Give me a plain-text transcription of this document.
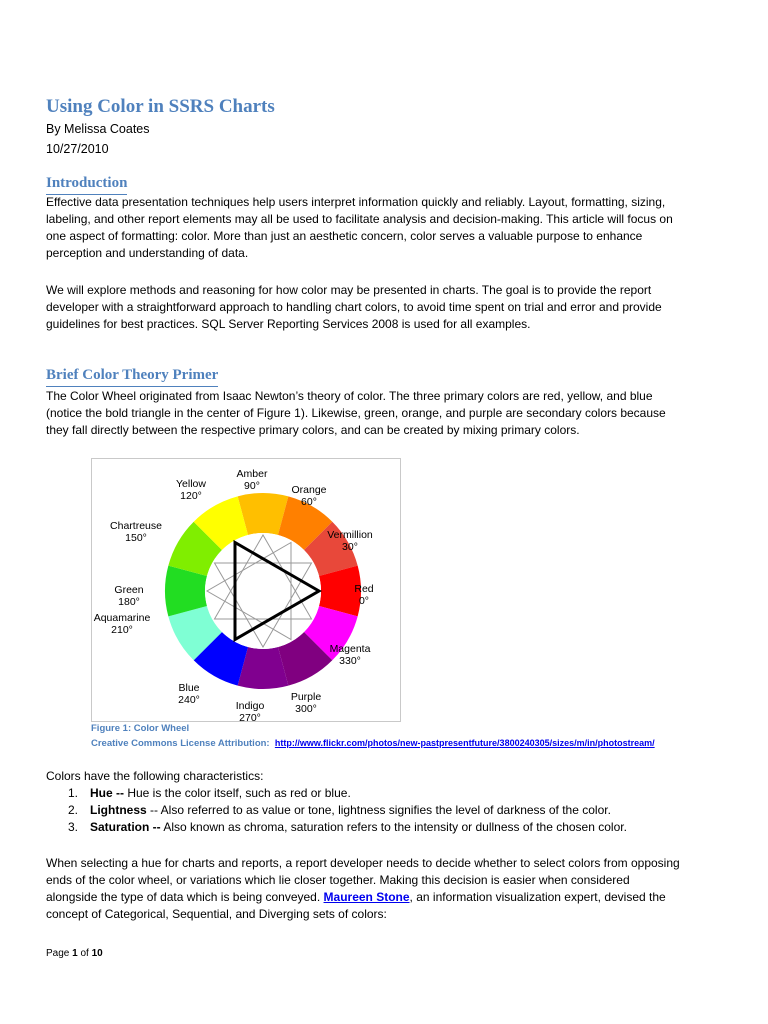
Using Color in SSRS Charts

By Melissa Coates

10/27/2010

Introduction
Effective data presentation techniques help users interpret information quickly and reliably. Layout, formatting, sizing,
labeling, and other report elements may all be used to facilitate analysis and decision-making. This article will focus on
one aspect of formatting: color. More than just an aesthetic concern, color serves a valuable purpose to enhance
perception and understanding of data.
We will explore methods and reasoning for how color may be presented in charts. The goal is to provide the report
developer with a straightforward approach to handling chart colors, to avoid time spent on trial and error and provide
guidelines for best practices. SQL Server Reporting Services 2008 is used for all examples.
Brief Color Theory Primer
The Color Wheel originated from Isaac Newton’s theory of color. The three primary colors are red, yellow, and blue
(notice the bold triangle in the center of Figure 1). Likewise, green, orange, and purple are secondary colors because
they fall directly between the respective primary colors, and can be created by mixing primary colors.
Amber
90°	Orange
60°
Vermillion
30°
Red
0°
Magenta
330°
Purple
300°
Indigo
270°
Blue
240°
Aquamarine
210°
Green
180°
Chartreuse
150°
Yellow
120°

Figure 1: Color Wheel

Creative Commons License Attribution: http://www.flickr.com/photos/new-pastpresentfuture/3800240305/sizes/m/in/photostream/

Colors have the following characteristics:

1. Hue -- Hue is the color itself, such as red or blue.
2. Lightness -- Also referred to as value or tone, lightness signifies the level of darkness of the color.
3. Saturation -- Also known as chroma, saturation refers to the intensity or dullness of the chosen color.
When selecting a hue for charts and reports, a report developer needs to decide whether to select colors from opposing
ends of the color wheel, or variations which lie closer together. Making this decision is easier when considered
alongside the type of data which is being conveyed. Maureen Stone, an information visualization expert, devised the
concept of Categorical, Sequential, and Diverging sets of colors:

Page 1 of 10
